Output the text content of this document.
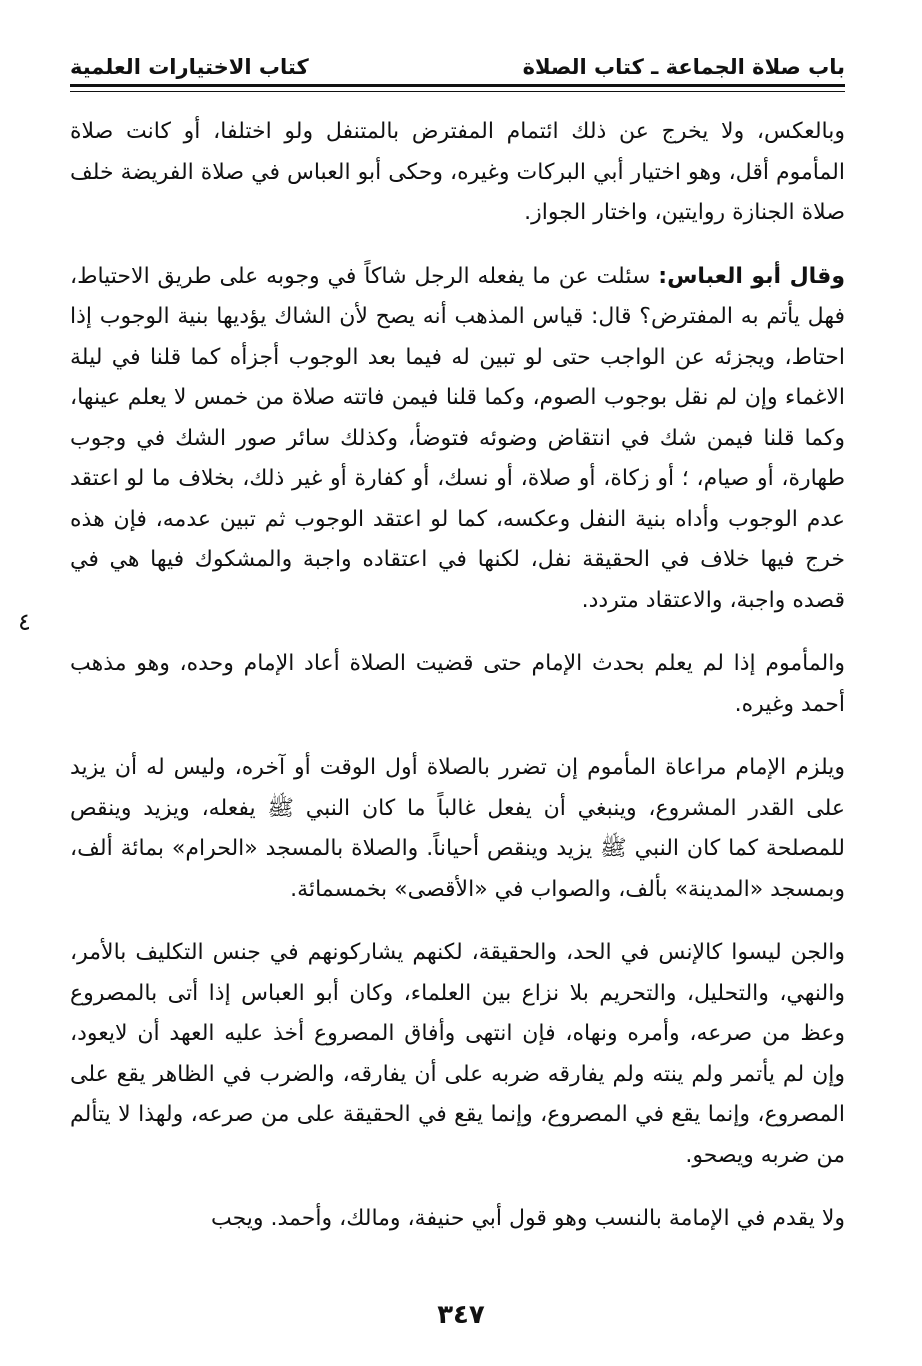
باب صلاة الجماعة ـ كتاب الصلاة
كتاب الاختيارات العلمية

وبالعكس، ولا يخرج عن ذلك ائتمام المفترض بالمتنفل ولو اختلفا، أو كانت صلاة المأموم أقل، وهو اختيار أبي البركات وغيره، وحكى أبو العباس في صلاة الفريضة خلف صلاة الجنازة روايتين، واختار الجواز.

وقال أبو العباس: سئلت عن ما يفعله الرجل شاكاً في وجوبه على طريق الاحتياط، فهل يأتم به المفترض؟ قال: قياس المذهب أنه يصح لأن الشاك يؤديها بنية الوجوب إذا احتاط، ويجزئه عن الواجب حتى لو تبين له فيما بعد الوجوب أجزأه كما قلنا في ليلة الاغماء وإن لم نقل بوجوب الصوم، وكما قلنا فيمن فاتته صلاة من خمس لا يعلم عينها، وكما قلنا فيمن شك في انتقاض وضوئه فتوضأ، وكذلك سائر صور الشك في وجوب طهارة، أو صيام، ؛ أو زكاة، أو صلاة، أو نسك، أو كفارة أو غير ذلك، بخلاف ما لو اعتقد عدم الوجوب وأداه بنية النفل وعكسه، كما لو اعتقد الوجوب ثم تبين عدمه، فإن هذه خرج فيها خلاف في الحقيقة نفل، لكنها في اعتقاده واجبة والمشكوك فيها هي في قصده واجبة، والاعتقاد متردد.

والمأموم إذا لم يعلم بحدث الإمام حتى قضيت الصلاة أعاد الإمام وحده، وهو مذهب أحمد وغيره.

ويلزم الإمام مراعاة المأموم إن تضرر بالصلاة أول الوقت أو آخره، وليس له أن يزيد على القدر المشروع، وينبغي أن يفعل غالباً ما كان النبي ﷺ يفعله، ويزيد وينقص للمصلحة كما كان النبي ﷺ يزيد وينقص أحياناً. والصلاة بالمسجد «الحرام» بمائة ألف، وبمسجد «المدينة» بألف، والصواب في «الأقصى» بخمسمائة.

والجن ليسوا كالإنس في الحد، والحقيقة، لكنهم يشاركونهم في جنس التكليف بالأمر، والنهي، والتحليل، والتحريم بلا نزاع بين العلماء، وكان أبو العباس إذا أتى بالمصروع وعظ من صرعه، وأمره ونهاه، فإن انتهى وأفاق المصروع أخذ عليه العهد أن لايعود، وإن لم يأتمر ولم ينته ولم يفارقه ضربه على أن يفارقه، والضرب في الظاهر يقع على المصروع، وإنما يقع في المصروع، وإنما يقع في الحقيقة على من صرعه، ولهذا لا يتألم من ضربه ويصحو.

ولا يقدم في الإمامة بالنسب وهو قول أبي حنيفة، ومالك، وأحمد. ويجب

٤
٣٤٧
